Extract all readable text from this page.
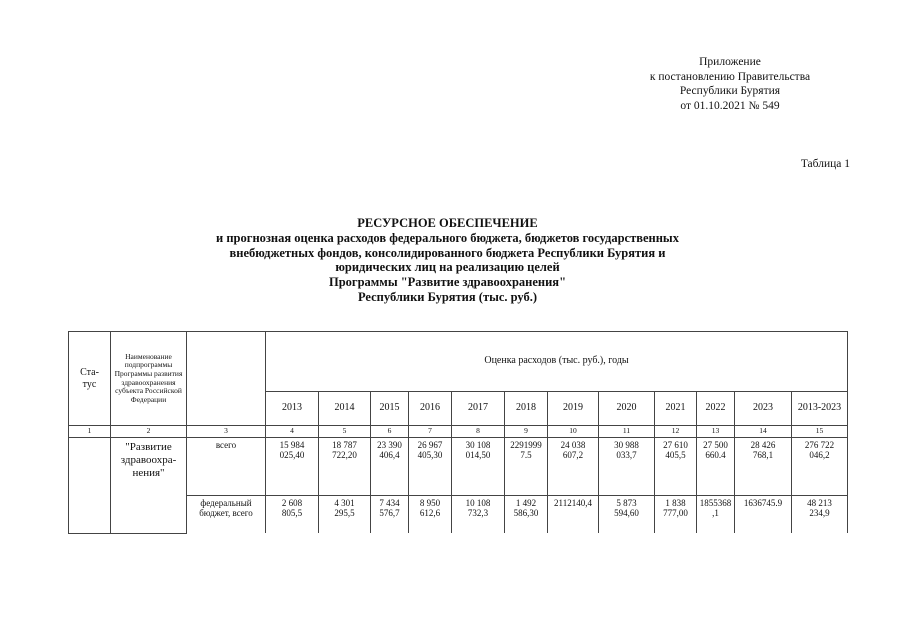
Приложение
к постановлению Правительства
Республики Бурятия
от 01.10.2021 № 549
Таблица 1
РЕСУРСНОЕ ОБЕСПЕЧЕНИЕ
и прогнозная оценка расходов федерального бюджета, бюджетов государственных
внебюджетных фондов, консолидированного бюджета Республики Бурятия и
юридических лиц на реализацию целей
Программы "Развитие здравоохранения"
Республики Бурятия (тыс. руб.)
Ста-
тус	Наименование подпрограммы Программы развития здравоохранения субъекта Российской Федерации		Оценка расходов (тыс. руб.), годы											
			2013	2014	2015	2016	2017	2018	2019	2020	2021	2022	2023	2013-2023
1	2	3	4	5	6	7	8	9	10	11	12	13	14	15
	"Развитие
здравоохра-
нения"	всего	15 984
025,40	18 787
722,20	23 390
406,4	26 967
405,30	30 108
014,50	2291999
7.5	24 038
607,2	30 988
033,7	27 610
405,5	27 500
660.4	28 426
768,1	276 722
046,2
		федеральный
бюджет, всего	2 608
805,5	4 301
295,5	7 434
576,7	8 950
612,6	10 108
732,3	1 492
586,30	2112140,4	5 873
594,60	1 838
777,00	1855368
,1	1636745.9	48 213
234,9
